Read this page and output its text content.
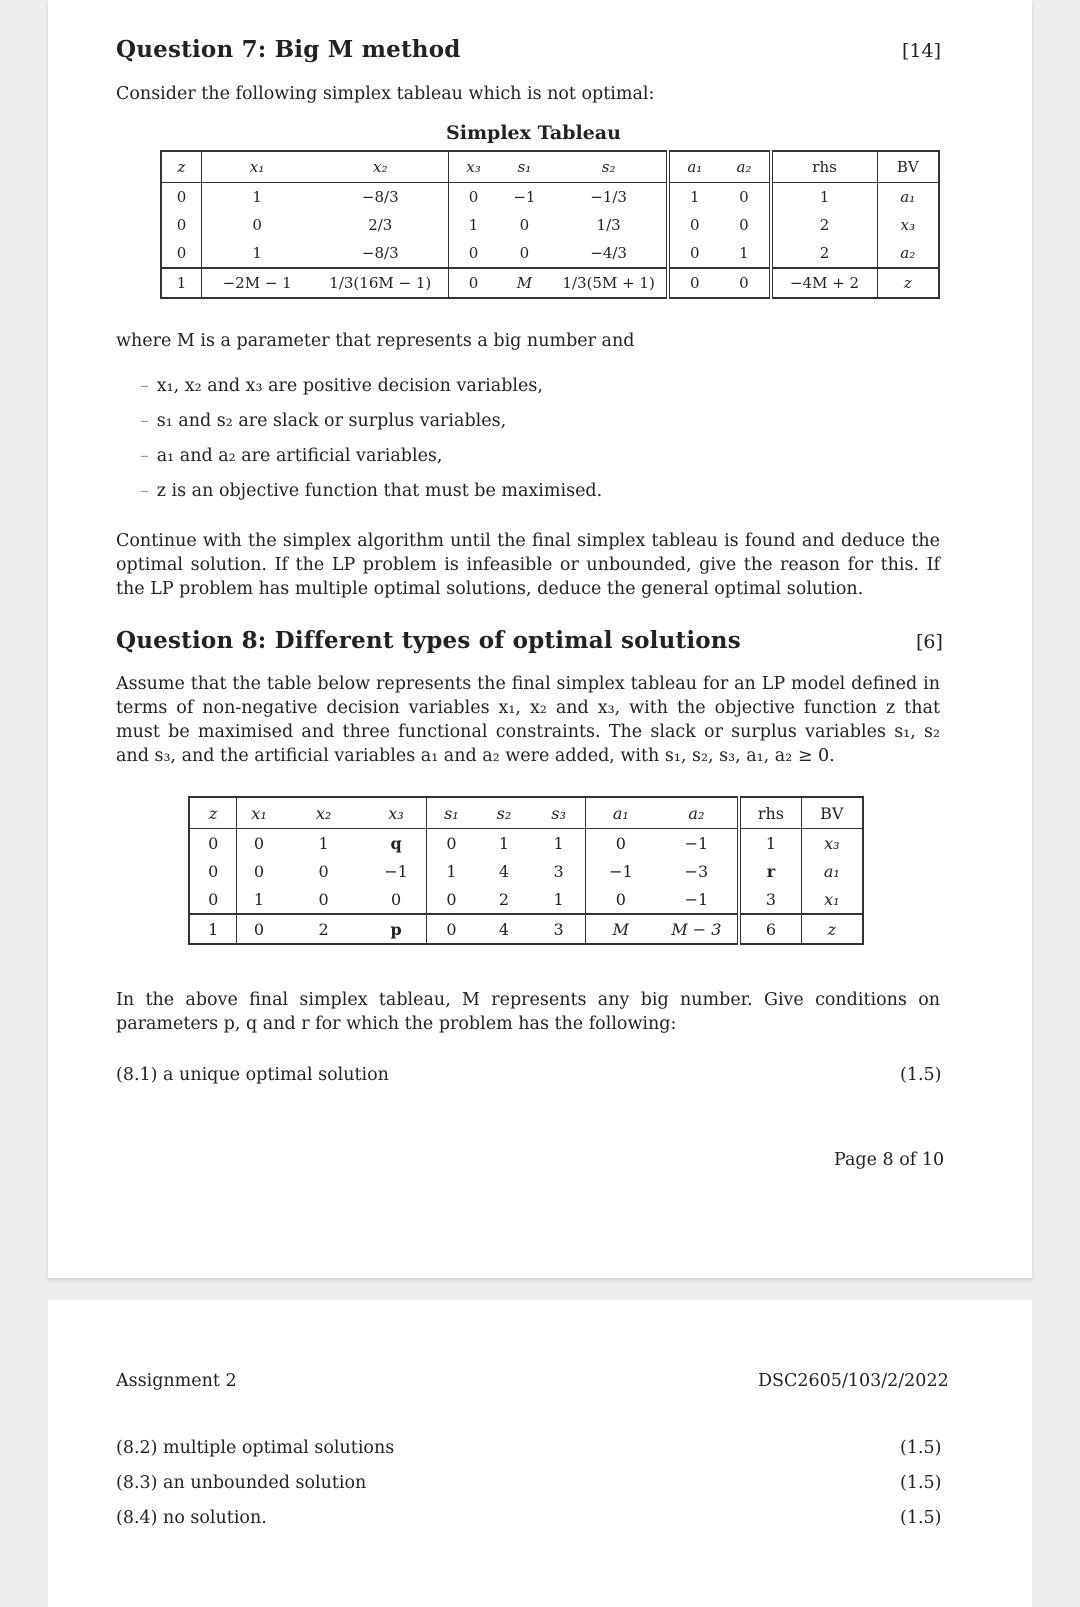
Question 7: Big M method	[14]
Consider the following simplex tableau which is not optimal:
Simplex Tableau
z	x₁	x₂	x₃	s₁	s₂	a₁	a₂	rhs	BV
0	1	−8/3	0	−1	−1/3	1	0	1	a₁
0	0	2/3	1	0	1/3	0	0	2	x₃
0	1	−8/3	0	0	−4/3	0	1	2	a₂
1	−2M − 1	1/3(16M − 1)	0	M	1/3(5M + 1)	0	0	−4M + 2	z
where M is a parameter that represents a big number and
– x₁, x₂ and x₃ are positive decision variables,
– s₁ and s₂ are slack or surplus variables,
– a₁ and a₂ are artificial variables,
– z is an objective function that must be maximised.
Continue with the simplex algorithm until the final simplex tableau is found and deduce the optimal solution. If the LP problem is infeasible or unbounded, give the reason for this. If the LP problem has multiple optimal solutions, deduce the general optimal solution.
Question 8: Different types of optimal solutions	[6]
Assume that the table below represents the final simplex tableau for an LP model defined in terms of non-negative decision variables x₁, x₂ and x₃, with the objective function z that must be maximised and three functional constraints. The slack or surplus variables s₁, s₂ and s₃, and the artificial variables a₁ and a₂ were added, with s₁, s₂, s₃, a₁, a₂ ≥ 0.
z	x₁	x₂	x₃	s₁	s₂	s₃	a₁	a₂	rhs	BV
0	0	1	q	0	1	1	0	−1	1	x₃
0	0	0	−1	1	4	3	−1	−3	r	a₁
0	1	0	0	0	2	1	0	−1	3	x₁
1	0	2	p	0	4	3	M	M − 3	6	z
In the above final simplex tableau, M represents any big number. Give conditions on parameters p, q and r for which the problem has the following:
(8.1) a unique optimal solution	(1.5)
Page 8 of 10
Assignment 2	DSC2605/103/2/2022
(8.2) multiple optimal solutions	(1.5)
(8.3) an unbounded solution	(1.5)
(8.4) no solution.	(1.5)
